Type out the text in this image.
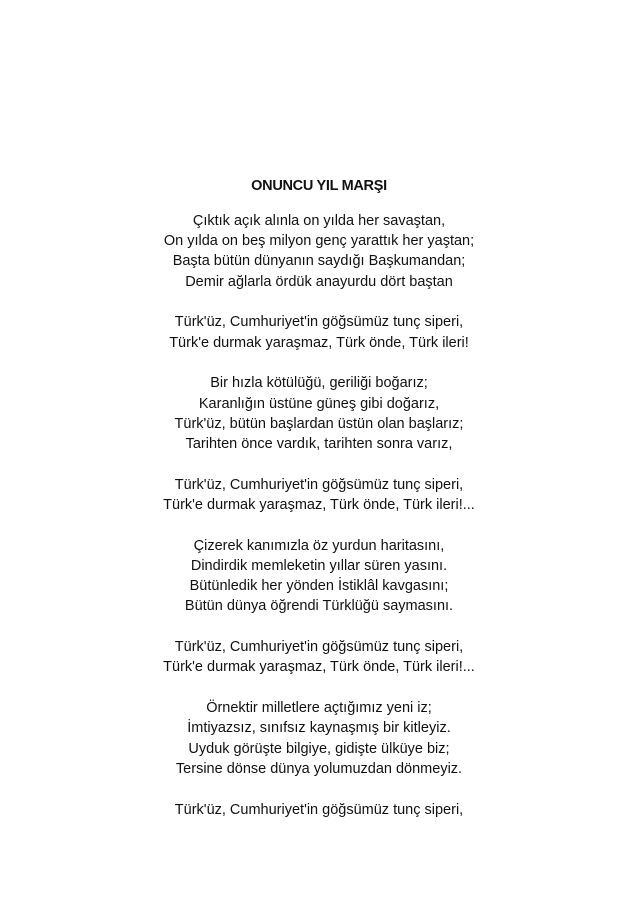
ONUNCU YIL MARŞI
Çıktık açık alınla on yılda her savaştan,
On yılda on beş milyon genç yarattık her yaştan;
Başta bütün dünyanın saydığı Başkumandan;
Demir ağlarla ördük anayurdu dört baştan
Türk'üz, Cumhuriyet'in göğsümüz tunç siperi,
Türk'e durmak yaraşmaz, Türk önde, Türk ileri!
Bir hızla kötülüğü, geriliği boğarız;
Karanlığın üstüne güneş gibi doğarız,
Türk'üz, bütün başlardan üstün olan başlarız;
Tarihten önce vardık, tarihten sonra varız,
Türk'üz, Cumhuriyet'in göğsümüz tunç siperi,
Türk'e durmak yaraşmaz, Türk önde, Türk ileri!...
Çizerek kanımızla öz yurdun haritasını,
Dindirdik memleketin yıllar süren yasını.
Bütünledik her yönden İstiklâl kavgasını;
Bütün dünya öğrendi Türklüğü saymasını.
Türk'üz, Cumhuriyet'in göğsümüz tunç siperi,
Türk'e durmak yaraşmaz, Türk önde, Türk ileri!...
Örnektir milletlere açtığımız yeni iz;
İmtiyazsız, sınıfsız kaynaşmış bir kitleyiz.
Uyduk görüşte bilgiye, gidişte ülküye biz;
Tersine dönse dünya yolumuzdan dönmeyiz.
Türk'üz, Cumhuriyet'in göğsümüz tunç siperi,
